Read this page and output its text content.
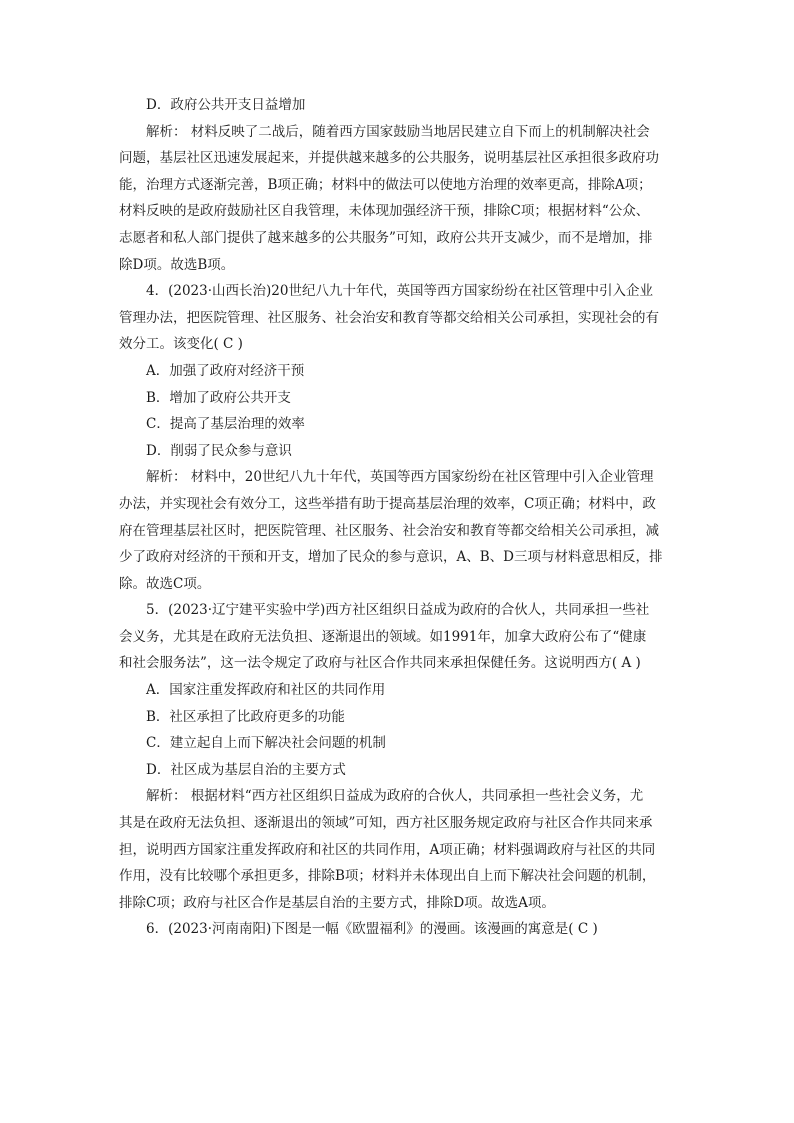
D．政府公共开支日益增加
解析： 材料反映了二战后，随着西方国家鼓励当地居民建立自下而上的机制解决社会
问题，基层社区迅速发展起来，并提供越来越多的公共服务，说明基层社区承担很多政府功
能，治理方式逐渐完善，B项正确；材料中的做法可以使地方治理的效率更高，排除A项；
材料反映的是政府鼓励社区自我管理，未体现加强经济干预，排除C项；根据材料“公众、
志愿者和私人部门提供了越来越多的公共服务”可知，政府公共开支减少，而不是增加，排
除D项。故选B项。
4．(2023·山西长治)20世纪八九十年代，英国等西方国家纷纷在社区管理中引入企业
管理办法，把医院管理、社区服务、社会治安和教育等都交给相关公司承担，实现社会的有
效分工。该变化( C )
A．加强了政府对经济干预
B．增加了政府公共开支
C．提高了基层治理的效率
D．削弱了民众参与意识
解析： 材料中，20世纪八九十年代，英国等西方国家纷纷在社区管理中引入企业管理
办法，并实现社会有效分工，这些举措有助于提高基层治理的效率，C项正确；材料中，政
府在管理基层社区时，把医院管理、社区服务、社会治安和教育等都交给相关公司承担，减
少了政府对经济的干预和开支，增加了民众的参与意识，A、B、D三项与材料意思相反，排
除。故选C项。
5．(2023·辽宁建平实验中学)西方社区组织日益成为政府的合伙人，共同承担一些社
会义务，尤其是在政府无法负担、逐渐退出的领域。如1991年，加拿大政府公布了“健康
和社会服务法”，这一法令规定了政府与社区合作共同来承担保健任务。这说明西方( A )
A．国家注重发挥政府和社区的共同作用
B．社区承担了比政府更多的功能
C．建立起自上而下解决社会问题的机制
D．社区成为基层自治的主要方式
解析： 根据材料“西方社区组织日益成为政府的合伙人，共同承担一些社会义务，尤
其是在政府无法负担、逐渐退出的领域”可知，西方社区服务规定政府与社区合作共同来承
担，说明西方国家注重发挥政府和社区的共同作用，A项正确；材料强调政府与社区的共同
作用，没有比较哪个承担更多，排除B项；材料并未体现出自上而下解决社会问题的机制，
排除C项；政府与社区合作是基层自治的主要方式，排除D项。故选A项。
6．(2023·河南南阳)下图是一幅《欧盟福利》的漫画。该漫画的寓意是( C )
